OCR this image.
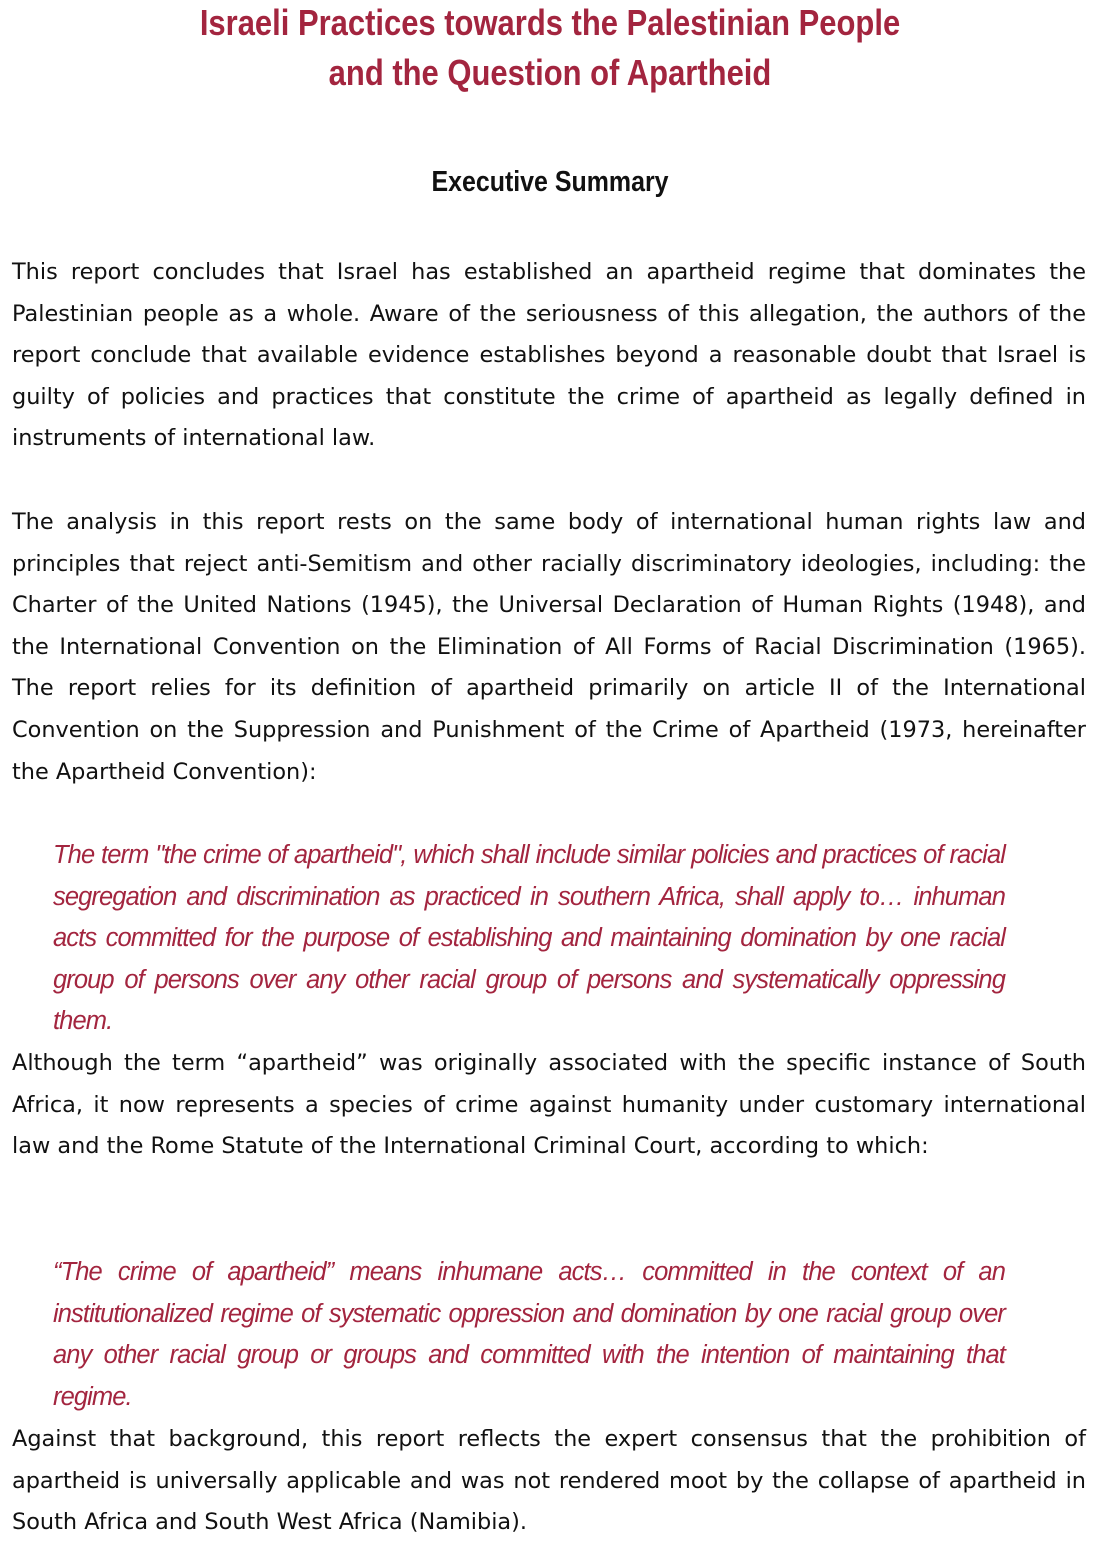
Israeli Practices towards the Palestinian People
and the Question of Apartheid
Executive Summary

This report concludes that Israel has established an apartheid regime that dominates the Palestinian people as a whole. Aware of the seriousness of this allegation, the authors of the report conclude that available evidence establishes beyond a reasonable doubt that Israel is guilty of policies and practices that constitute the crime of apartheid as legally defined in instruments of international law.

The analysis in this report rests on the same body of international human rights law and principles that reject anti-Semitism and other racially discriminatory ideologies, including: the Charter of the United Nations (1945), the Universal Declaration of Human Rights (1948), and the International Convention on the Elimination of All Forms of Racial Discrimination (1965). The report relies for its definition of apartheid primarily on article II of the International Convention on the Suppression and Punishment of the Crime of Apartheid (1973, hereinafter the Apartheid Convention):

The term "the crime of apartheid", which shall include similar policies and practices of racial segregation and discrimination as practiced in southern Africa, shall apply to… inhuman acts committed for the purpose of establishing and maintaining domination by one racial group of persons over any other racial group of persons and systematically oppressing them.

Although the term “apartheid” was originally associated with the specific instance of South Africa, it now represents a species of crime against humanity under customary international law and the Rome Statute of the International Criminal Court, according to which:

“The crime of apartheid” means inhumane acts… committed in the context of an institutionalized regime of systematic oppression and domination by one racial group over any other racial group or groups and committed with the intention of maintaining that regime.

Against that background, this report reflects the expert consensus that the prohibition of apartheid is universally applicable and was not rendered moot by the collapse of apartheid in South Africa and South West Africa (Namibia).
